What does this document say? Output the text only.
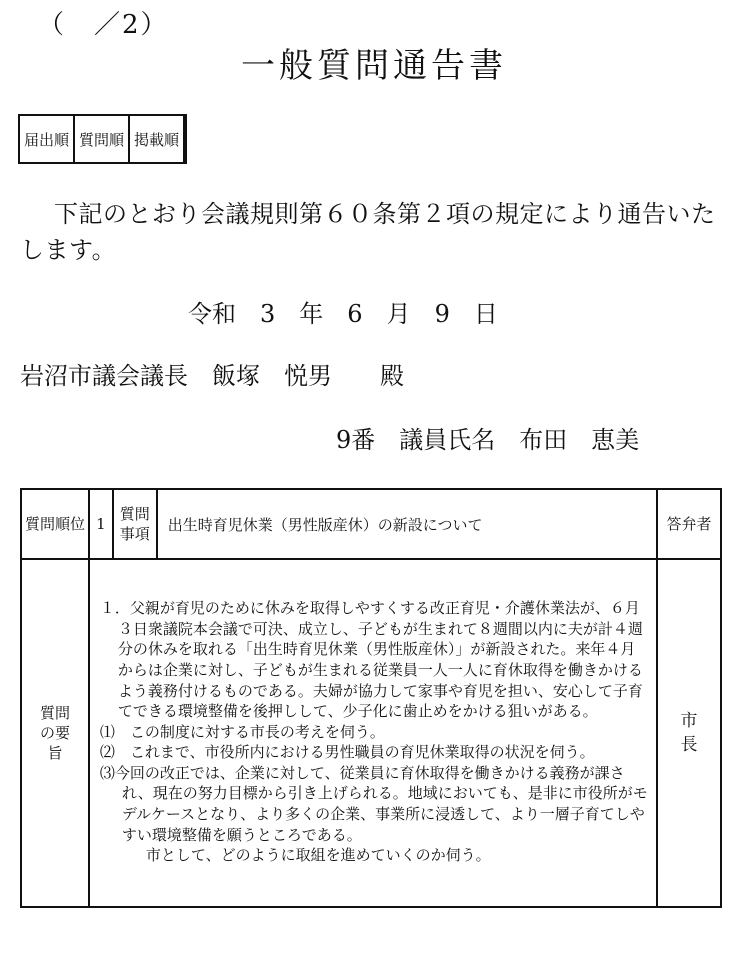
（　／2）
一般質問通告書
届出順	質問順	掲載順	
下記のとおり会議規則第６０条第２項の規定により通告いたします。
令和　 3　 年　 6　 月　 9　 日
岩沼市議会議長　 飯塚　悦男　　 殿
9番　 議員氏名　 布田　恵美
質問順位	1	質問事項	出生時育児休業（男性版産休）の新設について	答弁者
質問の要旨	１．父親が育児のために休みを取得しやすくする改正育児・介護休業法が、６月３日衆議院本会議で可決、成立し、子どもが生まれて８週間以内に夫が計４週分の休みを取れる「出生時育児休業（男性版産休）」が新設された。来年４月からは企業に対し、子どもが生まれる従業員一人一人に育休取得を働きかけるよう義務付けるものである。夫婦が協力して家事や育児を担い、安心して子育てできる環境整備を後押しして、少子化に歯止めをかける狙いがある。

⑴　この制度に対する市長の考えを伺う。

⑵　これまで、市役所内における男性職員の育児休業取得の状況を伺う。

⑶今回の改正では、企業に対して、従業員に育休取得を働きかける義務が課され、現在の努力目標から引き上げられる。地域においても、是非に市役所がモデルケースとなり、より多くの企業、事業所に浸透して、より一層子育てしやすい環境整備を願うところである。

市として、どのように取組を進めていくのか伺う。			市長
